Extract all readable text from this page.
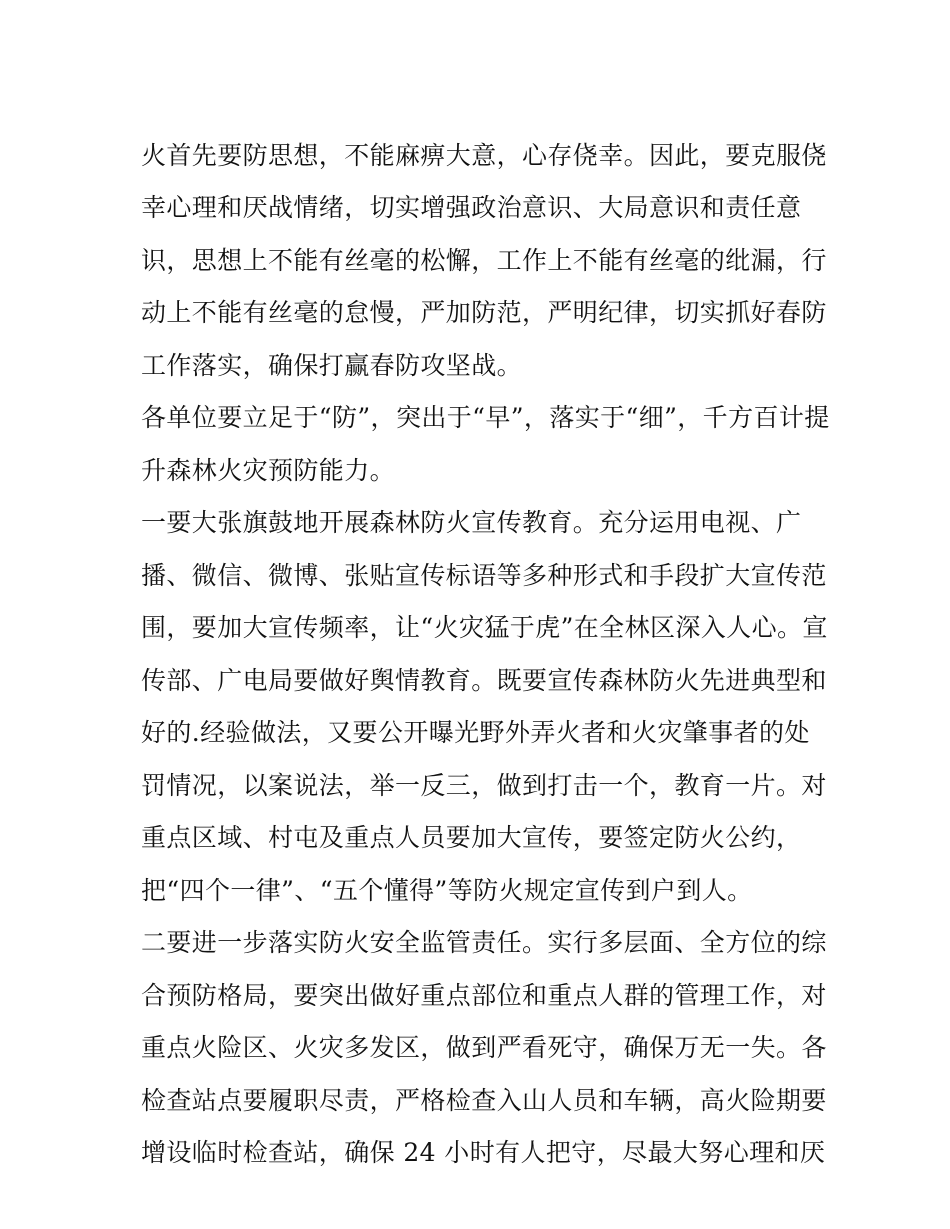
火首先要防思想，不能麻痹大意，心存侥幸。因此，要克服侥
幸心理和厌战情绪，切实增强政治意识、大局意识和责任意
识，思想上不能有丝毫的松懈，工作上不能有丝毫的纰漏，行
动上不能有丝毫的怠慢，严加防范，严明纪律，切实抓好春防
工作落实，确保打赢春防攻坚战。
各单位要立足于“防”，突出于“早”，落实于“细”，千方百计提
升森林火灾预防能力。
一要大张旗鼓地开展森林防火宣传教育。充分运用电视、广
播、微信、微博、张贴宣传标语等多种形式和手段扩大宣传范
围，要加大宣传频率，让“火灾猛于虎”在全林区深入人心。宣
传部、广电局要做好舆情教育。既要宣传森林防火先进典型和
好的.经验做法，又要公开曝光野外弄火者和火灾肇事者的处
罚情况，以案说法，举一反三，做到打击一个，教育一片。对
重点区域、村屯及重点人员要加大宣传，要签定防火公约，
把“四个一律”、“五个懂得”等防火规定宣传到户到人。
二要进一步落实防火安全监管责任。实行多层面、全方位的综
合预防格局，要突出做好重点部位和重点人群的管理工作，对
重点火险区、火灾多发区，做到严看死守，确保万无一失。各
检查站点要履职尽责，严格检查入山人员和车辆，高火险期要
增设临时检查站，确保 24 小时有人把守，尽最大努心理和厌
